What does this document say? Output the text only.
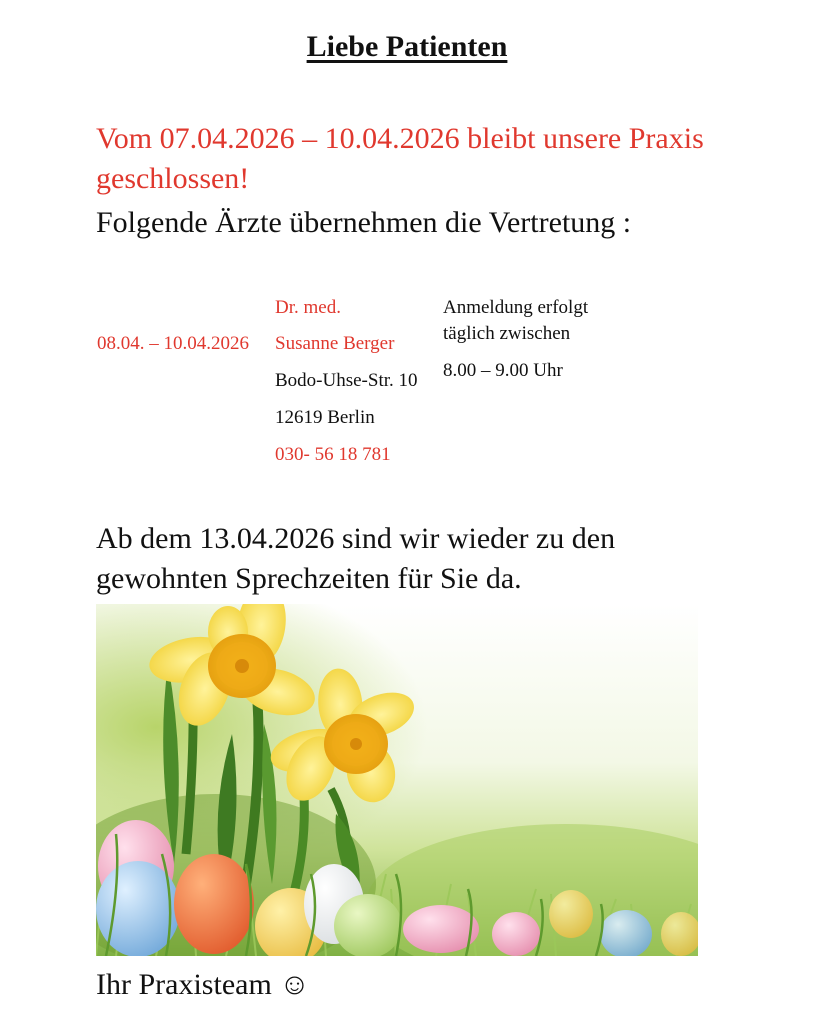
Liebe Patienten
Vom 07.04.2026 – 10.04.2026 bleibt unsere Praxis geschlossen!
Folgende Ärzte übernehmen die Vertretung :
08.04. – 10.04.2026
Dr. med.
Susanne Berger
Bodo-Uhse-Str. 10
12619 Berlin
030- 56 18 781
Anmeldung erfolgt
täglich zwischen
8.00 – 9.00 Uhr
Ab dem 13.04.2026 sind wir wieder zu den gewohnten Sprechzeiten für Sie da.
Ihr Praxisteam ☺
